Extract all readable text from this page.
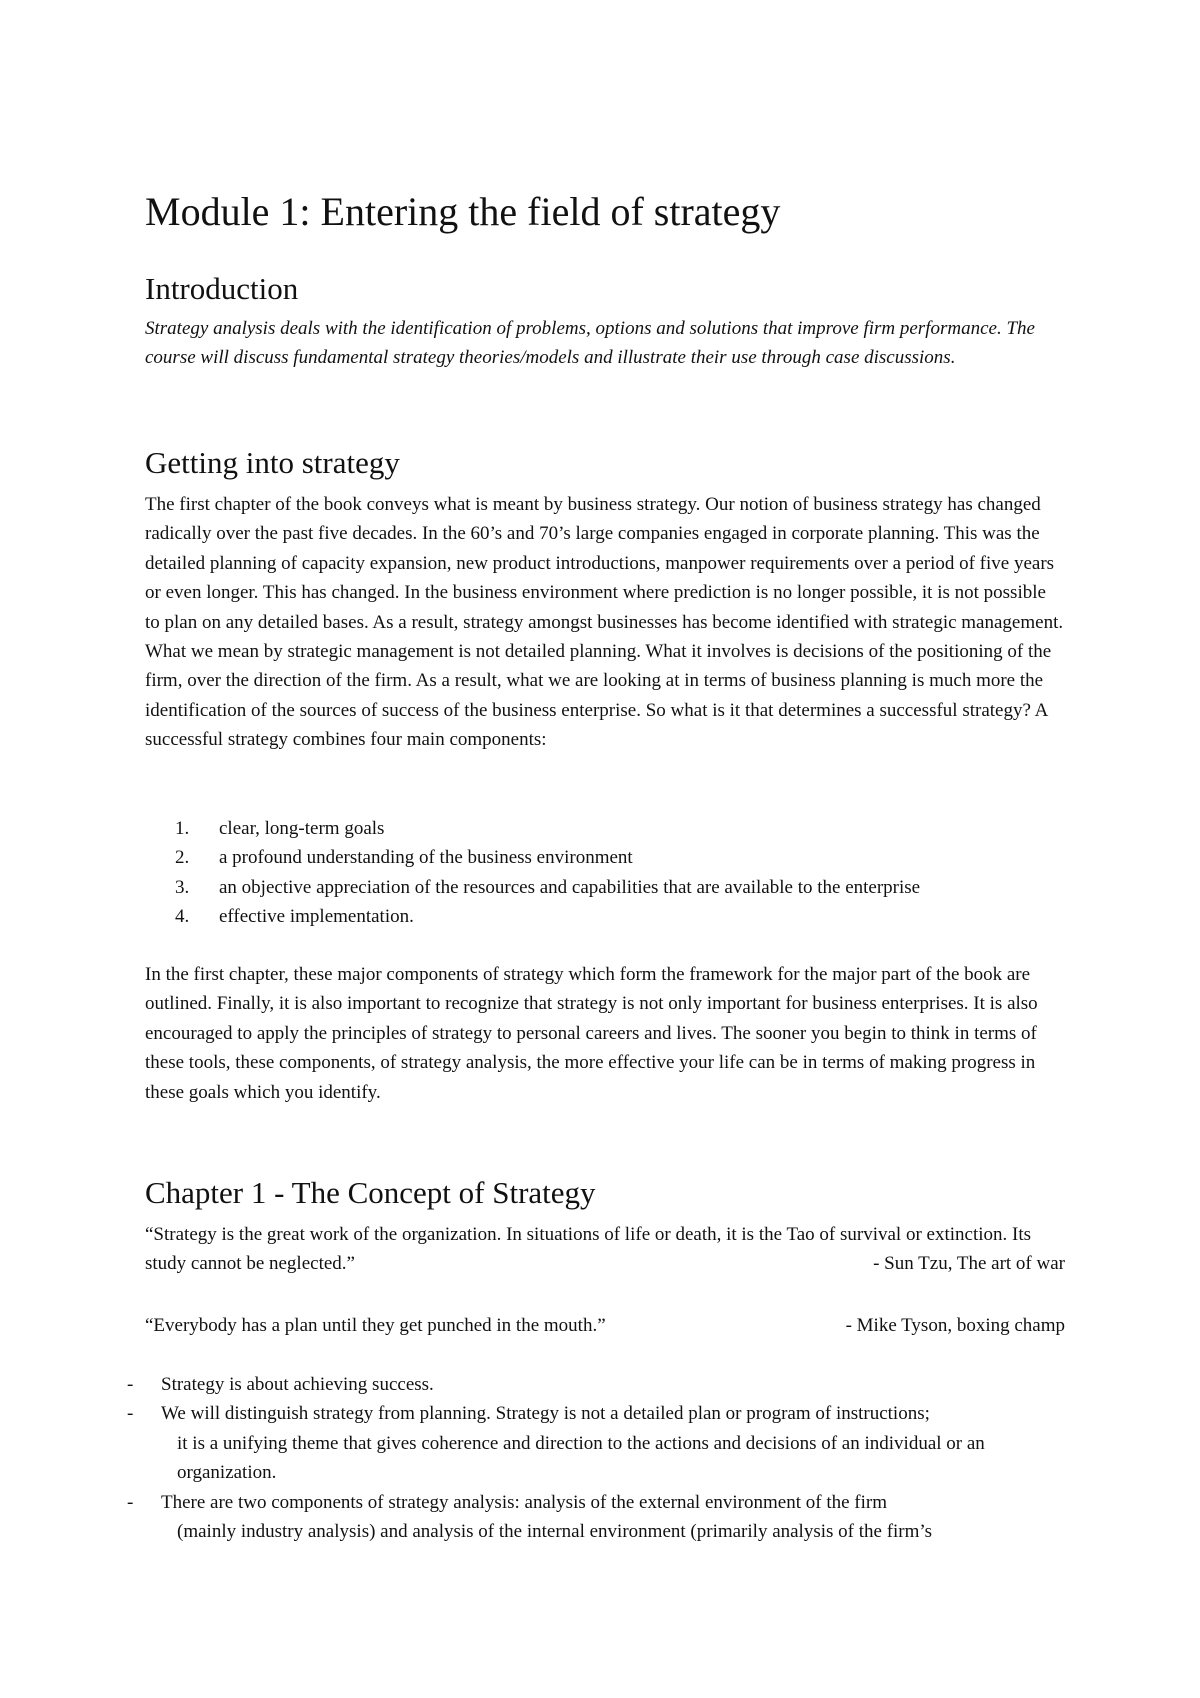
Module 1: Entering the field of strategy
Introduction

Strategy analysis deals with the identification of problems, options and solutions that improve firm performance. The course will discuss fundamental strategy theories/models and illustrate their use through case discussions.

Getting into strategy

The first chapter of the book conveys what is meant by business strategy. Our notion of business strategy has changed radically over the past five decades. In the 60’s and 70’s large companies engaged in corporate planning. This was the detailed planning of capacity expansion, new product introductions, manpower requirements over a period of five years or even longer. This has changed. In the business environment where prediction is no longer possible, it is not possible to plan on any detailed bases. As a result, strategy amongst businesses has become identified with strategic management. What we mean by strategic management is not detailed planning. What it involves is decisions of the positioning of the firm, over the direction of the firm. As a result, what we are looking at in terms of business planning is much more the identification of the sources of success of the business enterprise. So what is it that determines a successful strategy? A successful strategy combines four main components:

1. clear, long-term goals
2. a profound understanding of the business environment
3. an objective appreciation of the resources and capabilities that are available to the enterprise
4. effective implementation.

In the first chapter, these major components of strategy which form the framework for the major part of the book are outlined. Finally, it is also important to recognize that strategy is not only important for business enterprises. It is also encouraged to apply the principles of strategy to personal careers and lives. The sooner you begin to think in terms of these tools, these components, of strategy analysis, the more effective your life can be in terms of making progress in these goals which you identify.

Chapter 1 - The Concept of Strategy
“Strategy is the great work of the organization. In situations of life or death, it is the Tao of survival or extinction. Its study cannot be neglected.”	- Sun Tzu, The art of war
“Everybody has a plan until they get punched in the mouth.”	- Mike Tyson, boxing champ
- Strategy is about achieving success.
- We will distinguish strategy from planning. Strategy is not a detailed plan or program of instructions;
it is a unifying theme that gives coherence and direction to the actions and decisions of an individual or an organization.
- There are two components of strategy analysis: analysis of the external environment of the firm
(mainly industry analysis) and analysis of the internal environment (primarily analysis of the firm’s
